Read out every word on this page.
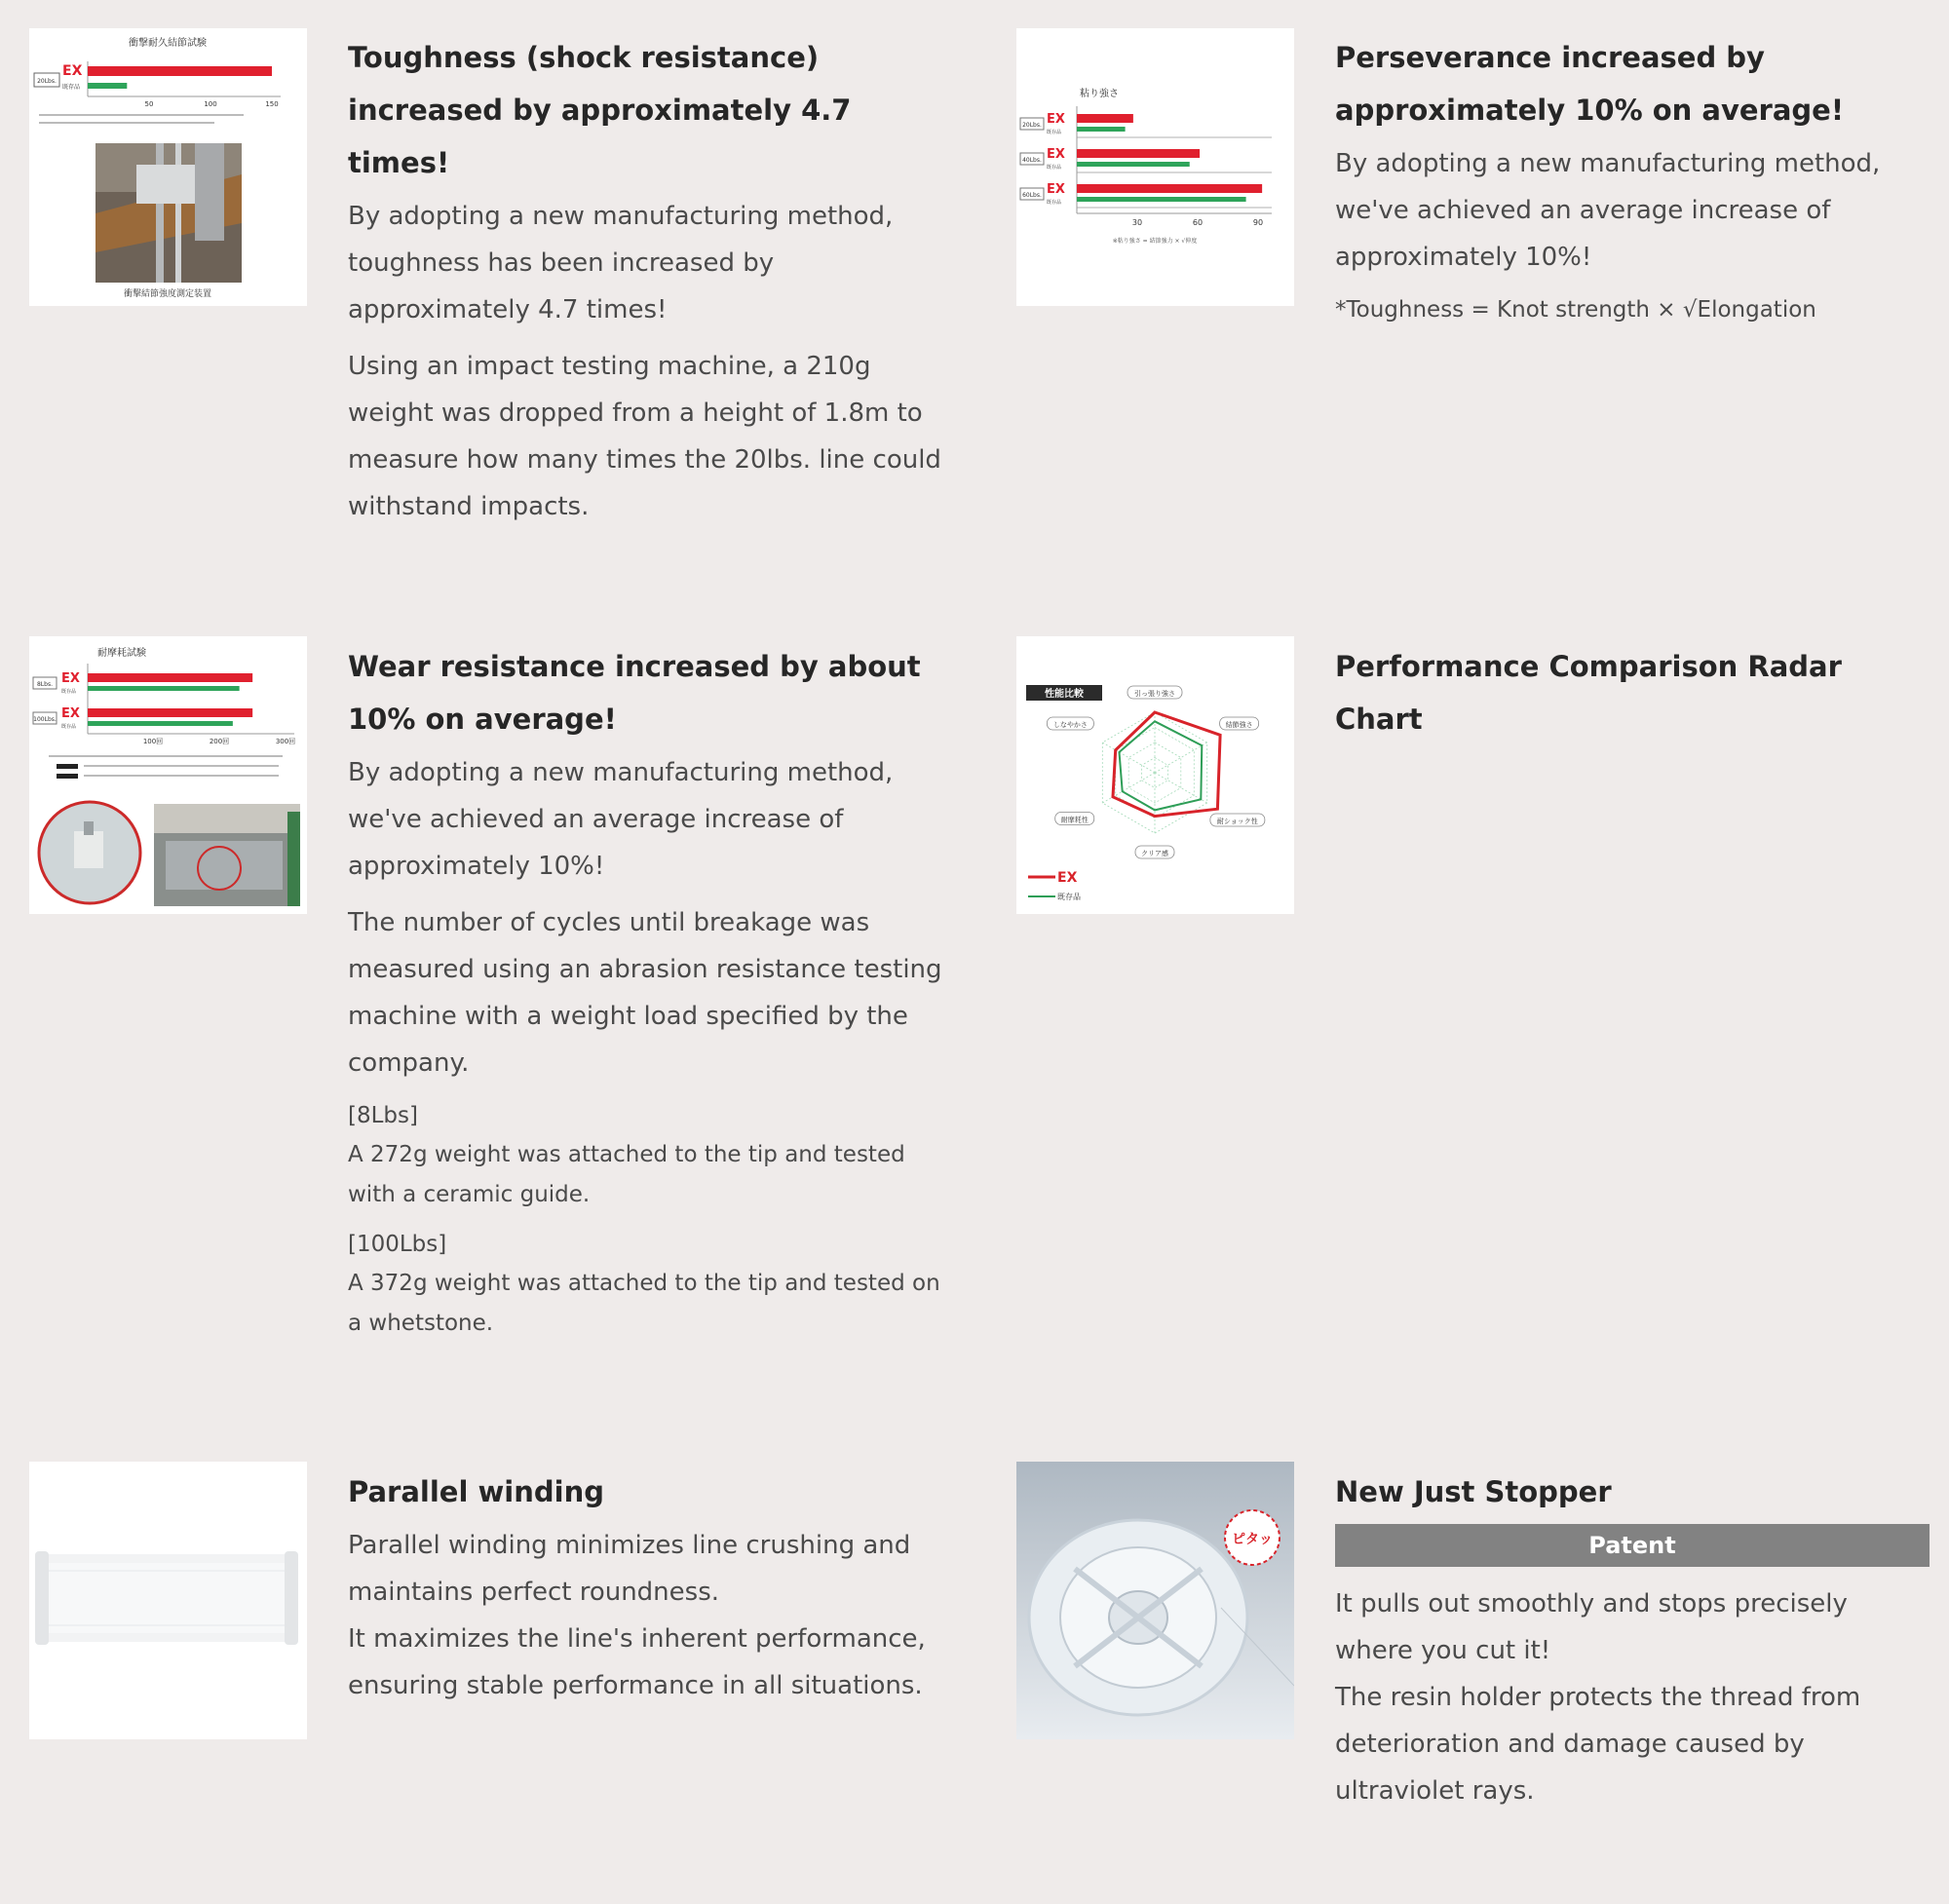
衝撃耐久結節試験
20Lbs.
EX
既存品
50	100	150
衝撃結節強度測定装置
Toughness (shock resistance) increased by approximately 4.7 times!
By adopting a new manufacturing method, toughness has been increased by approximately 4.7 times!
Using an impact testing machine, a 210g weight was dropped from a height of 1.8m to measure how many times the 20lbs. line could withstand impacts.
粘り強さ
20Lbs. EX
既存品
40Lbs. EX
既存品
60Lbs. EX
既存品
30	60	90
※粘り強さ = 結節強力 × √伸度
Perseverance increased by approximately 10% on average!
By adopting a new manufacturing method, we've achieved an average increase of approximately 10%!
*Toughness = Knot strength × √Elongation
耐摩耗試験
8Lbs. EX
既存品
100Lbs. EX
既存品
100回	200回	300回
Wear resistance increased by about 10% on average!
By adopting a new manufacturing method, we've achieved an average increase of approximately 10%!
The number of cycles until breakage was measured using an abrasion resistance testing machine with a weight load specified by the company.
[8Lbs]
A 272g weight was attached to the tip and tested with a ceramic guide.
[100Lbs]
A 372g weight was attached to the tip and tested on a whetstone.
性能比較	引っ張り強さ
結節強さ
耐ショック性
クリア感
耐摩耗性
しなやかさ
EX
既存品
Performance Comparison Radar Chart
Parallel winding
Parallel winding minimizes line crushing and maintains perfect roundness.
It maximizes the line's inherent performance, ensuring stable performance in all situations.
ピタッ
New Just Stopper
Patent
It pulls out smoothly and stops precisely where you cut it!
The resin holder protects the thread from deterioration and damage caused by ultraviolet rays.
